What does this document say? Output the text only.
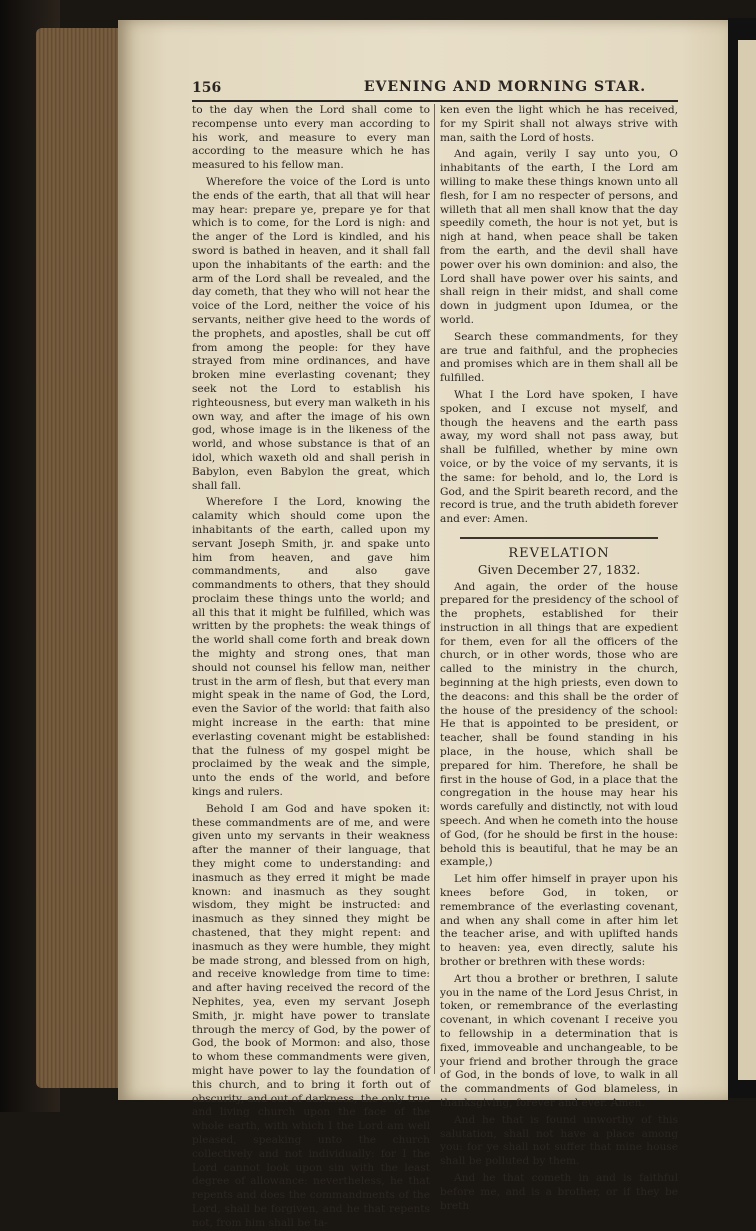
156	EVENING AND MORNING STAR.

to the day when the Lord shall come to recompense unto every man according to his work, and measure to every man according to the measure which he has measured to his fellow man.

Wherefore the voice of the Lord is unto the ends of the earth, that all that will hear may hear: prepare ye, prepare ye for that which is to come, for the Lord is nigh: and the anger of the Lord is kindled, and his sword is bathed in heaven, and it shall fall upon the inhabitants of the earth: and the arm of the Lord shall be revealed, and the day cometh, that they who will not hear the voice of the Lord, neither the voice of his servants, neither give heed to the words of the prophets, and apostles, shall be cut off from among the people: for they have strayed from mine ordinances, and have broken mine everlasting covenant; they seek not the Lord to establish his righteousness, but every man walketh in his own way, and after the image of his own god, whose image is in the likeness of the world, and whose substance is that of an idol, which waxeth old and shall perish in Babylon, even Babylon the great, which shall fall.

Wherefore I the Lord, knowing the calamity which should come upon the inhabitants of the earth, called upon my servant Joseph Smith, jr. and spake unto him from heaven, and gave him commandments, and also gave commandments to others, that they should proclaim these things unto the world; and all this that it might be fulfilled, which was written by the prophets: the weak things of the world shall come forth and break down the mighty and strong ones, that man should not counsel his fellow man, neither trust in the arm of flesh, but that every man might speak in the name of God, the Lord, even the Savior of the world: that faith also might increase in the earth: that mine everlasting covenant might be established: that the fulness of my gospel might be proclaimed by the weak and the simple, unto the ends of the world, and before kings and rulers.

Behold I am God and have spoken it: these commandments are of me, and were given unto my servants in their weakness after the manner of their language, that they might come to understanding: and inasmuch as they erred it might be made known: and inasmuch as they sought wisdom, they might be instructed: and inasmuch as they sinned they might be chastened, that they might repent: and inasmuch as they were humble, they might be made strong, and blessed from on high, and receive knowledge from time to time: and after having received the record of the Nephites, yea, even my servant Joseph Smith, jr. might have power to translate through the mercy of God, by the power of God, the book of Mormon: and also, those to whom these commandments were given, might have power to lay the foundation of this church, and to bring it forth out of obscurity, and out of darkness, the only true and living church upon the face of the whole earth, with which I the Lord am well pleased, speaking unto the church collectively and not individually: for I the Lord cannot look upon sin with the least degree of allowance: nevertheless, he that repents and does the commandments of the Lord, shall be forgiven, and he that repents not, from him shall be ta-

ken even the light which he has received, for my Spirit shall not always strive with man, saith the Lord of hosts.

And again, verily I say unto you, O inhabitants of the earth, I the Lord am willing to make these things known unto all flesh, for I am no respecter of persons, and willeth that all men shall know that the day speedily cometh, the hour is not yet, but is nigh at hand, when peace shall be taken from the earth, and the devil shall have power over his own dominion: and also, the Lord shall have power over his saints, and shall reign in their midst, and shall come down in judgment upon Idumea, or the world.

Search these commandments, for they are true and faithful, and the prophecies and promises which are in them shall all be fulfilled.

What I the Lord have spoken, I have spoken, and I excuse not myself, and though the heavens and the earth pass away, my word shall not pass away, but shall be fulfilled, whether by mine own voice, or by the voice of my servants, it is the same: for behold, and lo, the Lord is God, and the Spirit beareth record, and the record is true, and the truth abideth forever and ever: Amen.

REVELATION

Given December 27, 1832.

And again, the order of the house prepared for the presidency of the school of the prophets, established for their instruction in all things that are expedient for them, even for all the officers of the church, or in other words, those who are called to the ministry in the church, beginning at the high priests, even down to the deacons: and this shall be the order of the house of the presidency of the school: He that is appointed to be president, or teacher, shall be found standing in his place, in the house, which shall be prepared for him. Therefore, he shall be first in the house of God, in a place that the congregation in the house may hear his words carefully and distinctly, not with loud speech. And when he cometh into the house of God, (for he should be first in the house: behold this is beautiful, that he may be an example,)

Let him offer himself in prayer upon his knees before God, in token, or remembrance of the everlasting covenant, and when any shall come in after him let the teacher arise, and with uplifted hands to heaven: yea, even directly, salute his brother or brethren with these words:

Art thou a brother or brethren, I salute you in the name of the Lord Jesus Christ, in token, or remembrance of the everlasting covenant, in which covenant I receive you to fellowship in a determination that is fixed, immoveable and unchangeable, to be your friend and brother through the grace of God, in the bonds of love, to walk in all the commandments of God blameless, in thanksgiving, forever and ever. Amen.

And he that is found unworthy of this salutation, shall not have a place among you: for ye shall not suffer that mine house shall be polluted by them.

And he that cometh in and is faithful before me, and is a brother, or if they be breth
